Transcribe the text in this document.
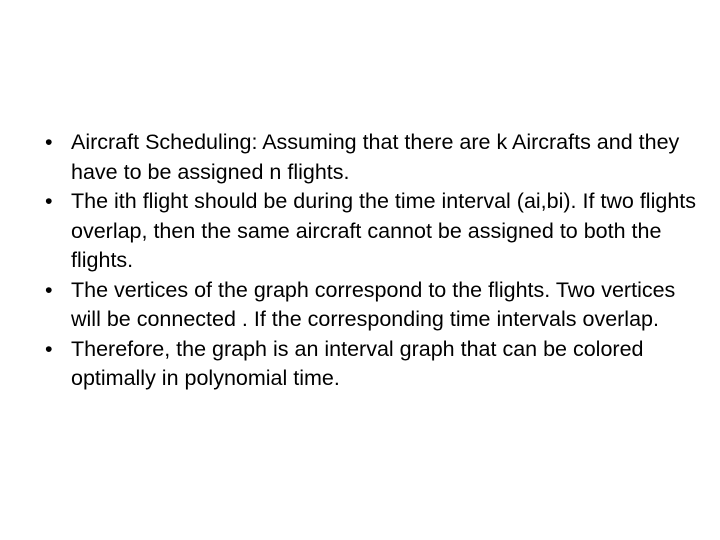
• Aircraft Scheduling: Assuming that there are k Aircrafts and they have to be assigned n flights.
• The ith flight should be during the time interval (ai,bi). If two flights overlap, then the same aircraft cannot be assigned to both the flights.
• The vertices of the graph correspond to the flights. Two vertices will be connected . If the corresponding time intervals overlap.
• Therefore, the graph is an interval graph that can be colored optimally in polynomial time.
